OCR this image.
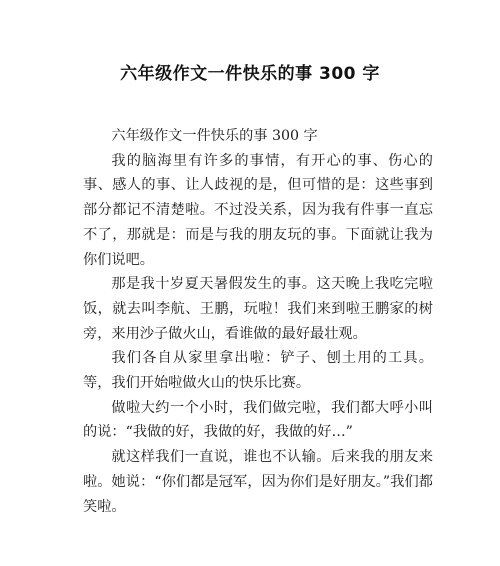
六年级作文一件快乐的事 300 字

六年级作文一件快乐的事 300 字

我的脑海里有许多的事情，有开心的事、伤心的事、感人的事、让人歧视的是，但可惜的是：这些事到部分都记不清楚啦。不过没关系，因为我有件事一直忘不了，那就是：而是与我的朋友玩的事。下面就让我为你们说吧。

那是我十岁夏天暑假发生的事。这天晚上我吃完啦饭，就去叫李航、王鹏，玩啦！我们来到啦王鹏家的树旁，来用沙子做火山，看谁做的最好最壮观。

我们各自从家里拿出啦：铲子、刨土用的工具。等，我们开始啦做火山的快乐比赛。

做啦大约一个小时，我们做完啦，我们都大呼小叫的说：“我做的好，我做的好，我做的好…”

就这样我们一直说，谁也不认输。后来我的朋友来啦。她说：“你们都是冠军，因为你们是好朋友。”我们都笑啦。
